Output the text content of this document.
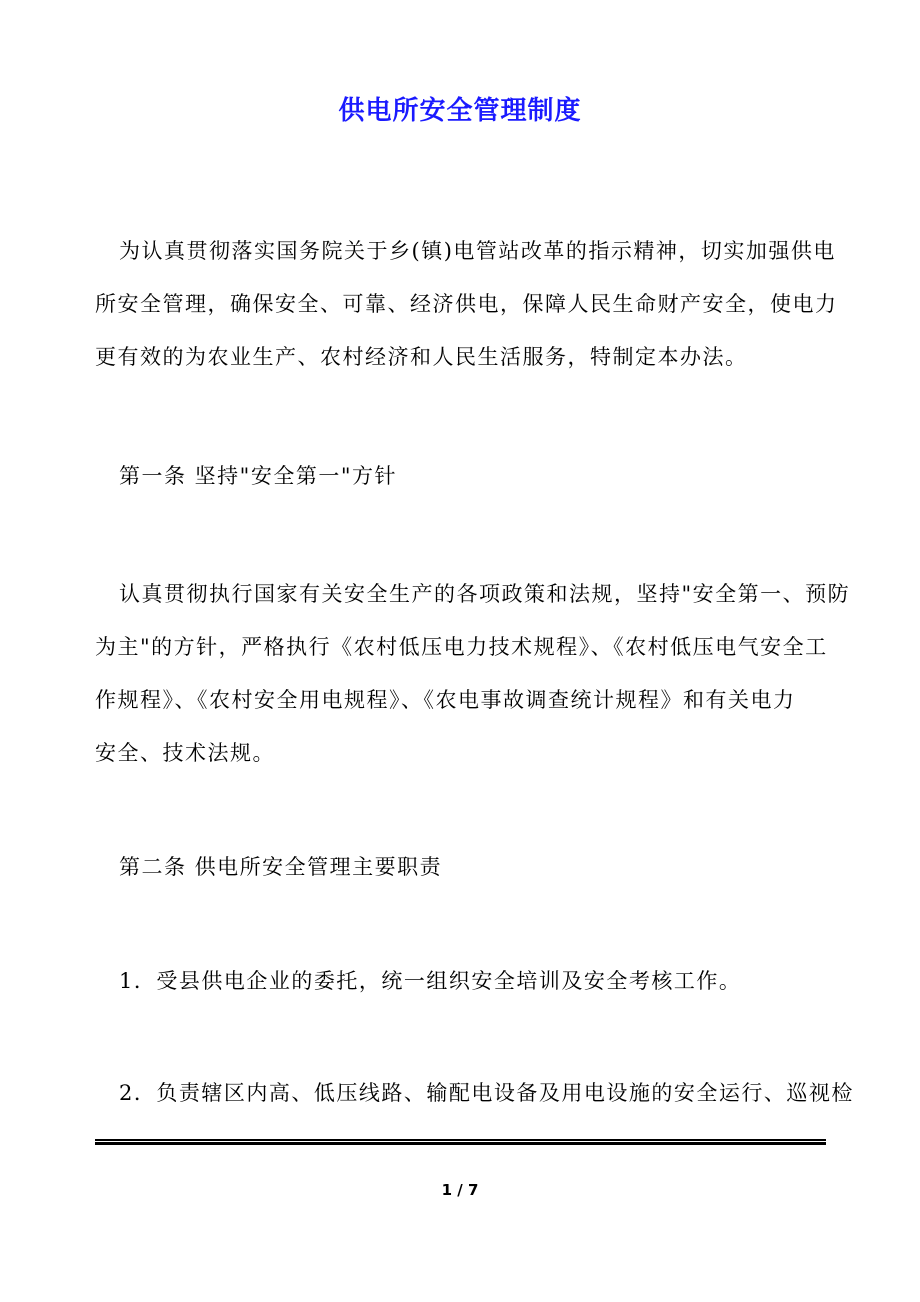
供电所安全管理制度
为认真贯彻落实国务院关于乡(镇)电管站改革的指示精神，切实加强供电
所安全管理，确保安全、可靠、经济供电，保障人民生命财产安全，使电力
更有效的为农业生产、农村经济和人民生活服务，特制定本办法。
第一条 坚持"安全第一"方针
认真贯彻执行国家有关安全生产的各项政策和法规，坚持"安全第一、预防
为主"的方针，严格执行《农村低压电力技术规程》、《农村低压电气安全工
作规程》、《农村安全用电规程》、《农电事故调查统计规程》和有关电力
安全、技术法规。
第二条 供电所安全管理主要职责
1．受县供电企业的委托，统一组织安全培训及安全考核工作。
2．负责辖区内高、低压线路、输配电设备及用电设施的安全运行、巡视检
1 / 7
